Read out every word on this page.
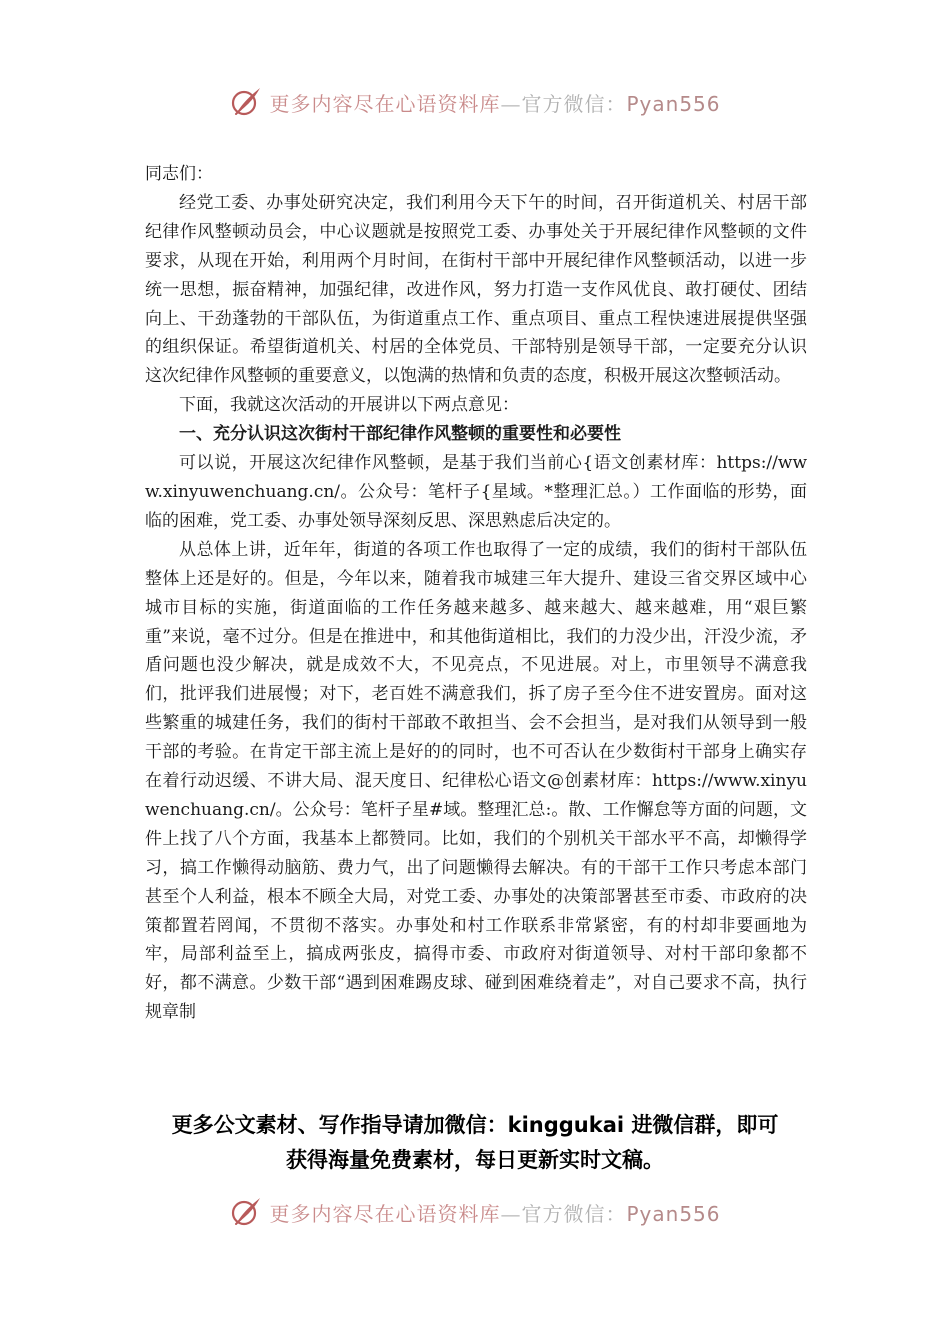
更多内容尽在心语资料库—官方微信：Pyan556

同志们：

经党工委、办事处研究决定，我们利用今天下午的时间，召开街道机关、村居干部纪律作风整顿动员会，中心议题就是按照党工委、办事处关于开展纪律作风整顿的文件要求，从现在开始，利用两个月时间，在街村干部中开展纪律作风整顿活动，以进一步统一思想，振奋精神，加强纪律，改进作风，努力打造一支作风优良、敢打硬仗、团结向上、干劲蓬勃的干部队伍，为街道重点工作、重点项目、重点工程快速进展提供坚强的组织保证。希望街道机关、村居的全体党员、干部特别是领导干部，一定要充分认识这次纪律作风整顿的重要意义，以饱满的热情和负责的态度，积极开展这次整顿活动。

下面，我就这次活动的开展讲以下两点意见：

一、充分认识这次街村干部纪律作风整顿的重要性和必要性

可以说，开展这次纪律作风整顿，是基于我们当前心{语文创素材库：https://www.xinyuwenchuang.cn/。公众号：笔杆子{星域。*整理汇总。）工作面临的形势，面临的困难，党工委、办事处领导深刻反思、深思熟虑后决定的。

从总体上讲，近年年，街道的各项工作也取得了一定的成绩，我们的街村干部队伍整体上还是好的。但是，今年以来，随着我市城建三年大提升、建设三省交界区域中心城市目标的实施，街道面临的工作任务越来越多、越来越大、越来越难，用“艰巨繁重”来说，毫不过分。但是在推进中，和其他街道相比，我们的力没少出，汗没少流，矛盾问题也没少解决，就是成效不大，不见亮点，不见进展。对上，市里领导不满意我们，批评我们进展慢；对下，老百姓不满意我们，拆了房子至今住不进安置房。面对这些繁重的城建任务，我们的街村干部敢不敢担当、会不会担当，是对我们从领导到一般干部的考验。在肯定干部主流上是好的的同时，也不可否认在少数街村干部身上确实存在着行动迟缓、不讲大局、混天度日、纪律松心语文@创素材库：https://www.xinyuwenchuang.cn/。公众号：笔杆子星#域。整理汇总:。散、工作懈怠等方面的问题，文件上找了八个方面，我基本上都赞同。比如，我们的个别机关干部水平不高，却懒得学习，搞工作懒得动脑筋、费力气，出了问题懒得去解决。有的干部干工作只考虑本部门甚至个人利益，根本不顾全大局，对党工委、办事处的决策部署甚至市委、市政府的决策都置若罔闻，不贯彻不落实。办事处和村工作联系非常紧密，有的村却非要画地为牢，局部利益至上，搞成两张皮，搞得市委、市政府对街道领导、对村干部印象都不好，都不满意。少数干部“遇到困难踢皮球、碰到困难绕着走”，对自己要求不高，执行规章制

更多公文素材、写作指导请加微信：kinggukai 进微信群，即可
获得海量免费素材，每日更新实时文稿。
更多内容尽在心语资料库—官方微信：Pyan556
